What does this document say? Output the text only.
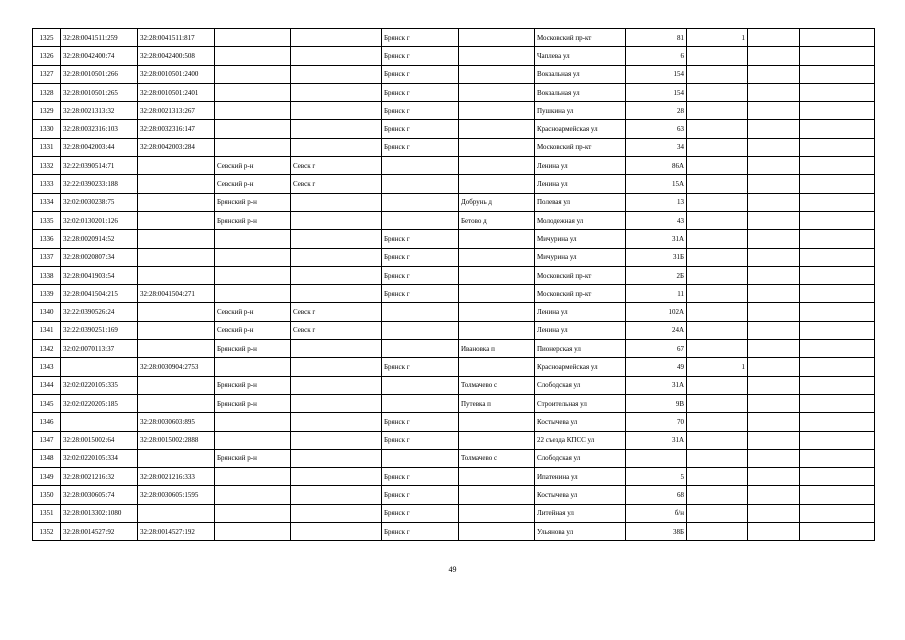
1325	32:28:0041511:259	32:28:0041511:817			Брянск г		Московский пр-кт	81	1		
1326	32:28:0042400:74	32:28:0042400:508			Брянск г		Чаплева ул	6			
1327	32:28:0010501:266	32:28:0010501:2400			Брянск г		Вокзальная ул	154			
1328	32:28:0010501:265	32:28:0010501:2401			Брянск г		Вокзальная ул	154			
1329	32:28:0021313:32	32:28:0021313:267			Брянск г		Пушкина ул	28			
1330	32:28:0032316:103	32:28:0032316:147			Брянск г		Красноармейская ул	63			
1331	32:28:0042003:44	32:28:0042003:284			Брянск г		Московский пр-кт	34			
1332	32:22:0390514:71		Севский р-н	Севск г			Ленина ул	86А			
1333	32:22:0390233:188		Севский р-н	Севск г			Ленина ул	15А			
1334	32:02:0030238:75		Брянский р-н			Добрунь д	Полевая ул	13			
1335	32:02:0130201:126		Брянский р-н			Бетово д	Молодежная ул	43			
1336	32:28:0020914:52				Брянск г		Мичурина ул	31А			
1337	32:28:0020807:34				Брянск г		Мичурина ул	31Б			
1338	32:28:0041903:54				Брянск г		Московский пр-кт	2Б			
1339	32:28:0041504:215	32:28:0041504:271			Брянск г		Московский пр-кт	11			
1340	32:22:0390526:24		Севский р-н	Севск г			Ленина ул	102А			
1341	32:22:0390251:169		Севский р-н	Севск г			Ленина ул	24А			
1342	32:02:0070113:37		Брянский р-н			Ивановка п	Пионерская ул	67			
1343		32:28:0030904:2753			Брянск г		Красноармейская ул	49	1		
1344	32:02:0220105:335		Брянский р-н			Толмачево с	Слободская ул	31А			
1345	32:02:0220205:185		Брянский р-н			Путевка п	Строительная ул	9В			
1346		32:28:0030603:895			Брянск г		Костычева ул	70			
1347	32:28:0015002:64	32:28:0015002:2888			Брянск г		22 съезда КПСС ул	31А			
1348	32:02:0220105:334		Брянский р-н			Толмачево с	Слободская ул				
1349	32:28:0021216:32	32:28:0021216:333			Брянск г		Ипатенина ул	5			
1350	32:28:0030605:74	32:28:0030605:1595			Брянск г		Костычева ул	68			
1351	32:28:0013302:1080				Брянск г		Литейная ул	б/н			
1352	32:28:0014527:92	32:28:0014527:192			Брянск г		Ульянова ул	38Б			
49
